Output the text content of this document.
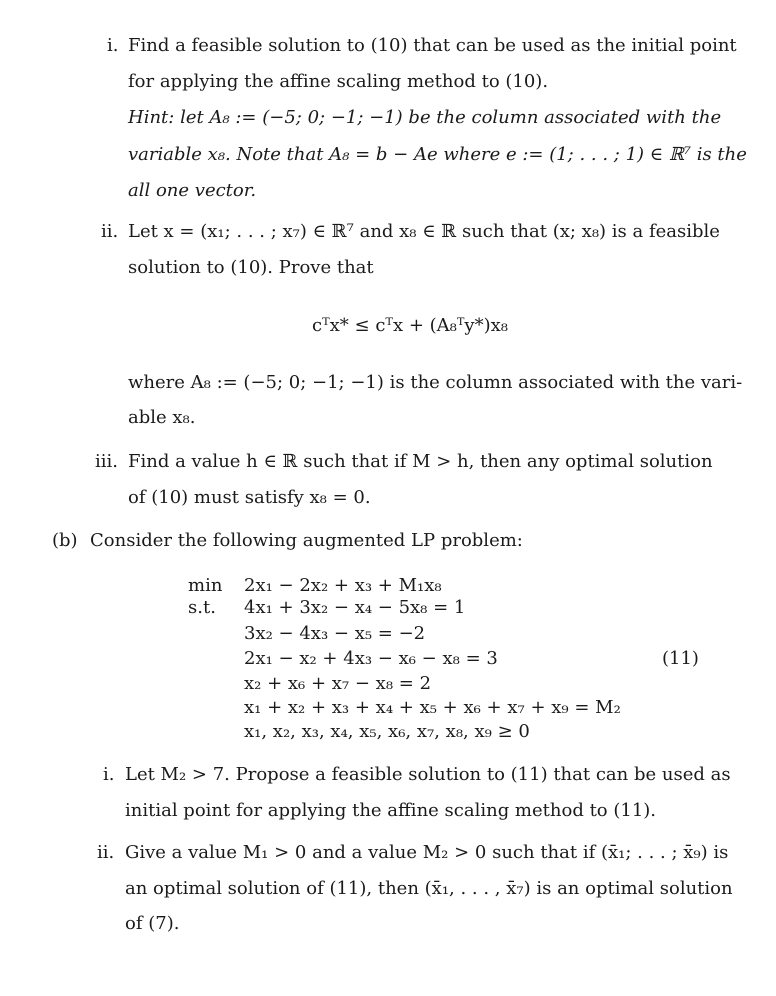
i. Find a feasible solution to (10) that can be used as the initial point
for applying the affine scaling method to (10).
Hint: let A₈ := (−5; 0; −1; −1) be the column associated with the
variable x₈. Note that A₈ = b − Ae where e := (1; . . . ; 1) ∈ ℝ⁷ is the
all one vector.
ii. Let x = (x₁; . . . ; x₇) ∈ ℝ⁷ and x₈ ∈ ℝ such that (x; x₈) is a feasible
solution to (10). Prove that
cᵀx* ≤ cᵀx + (A₈ᵀy*)x₈
where A₈ := (−5; 0; −1; −1) is the column associated with the vari-
able x₈.
iii. Find a value h ∈ ℝ such that if M > h, then any optimal solution
of (10) must satisfy x₈ = 0.
(b) Consider the following augmented LP problem:
min
s.t.
2x₁ − 2x₂ + x₃ + M₁x₈
4x₁ + 3x₂ − x₄ − 5x₈ = 1
3x₂ − 4x₃ − x₅ = −2
2x₁ − x₂ + 4x₃ − x₆ − x₈ = 3
x₂ + x₆ + x₇ − x₈ = 2
x₁ + x₂ + x₃ + x₄ + x₅ + x₆ + x₇ + x₉ = M₂
x₁, x₂, x₃, x₄, x₅, x₆, x₇, x₈, x₉ ≥ 0
(11)
i. Let M₂ > 7. Propose a feasible solution to (11) that can be used as
initial point for applying the affine scaling method to (11).
ii. Give a value M₁ > 0 and a value M₂ > 0 such that if (x̄₁; . . . ; x̄₉) is
an optimal solution of (11), then (x̄₁, . . . , x̄₇) is an optimal solution
of (7).
